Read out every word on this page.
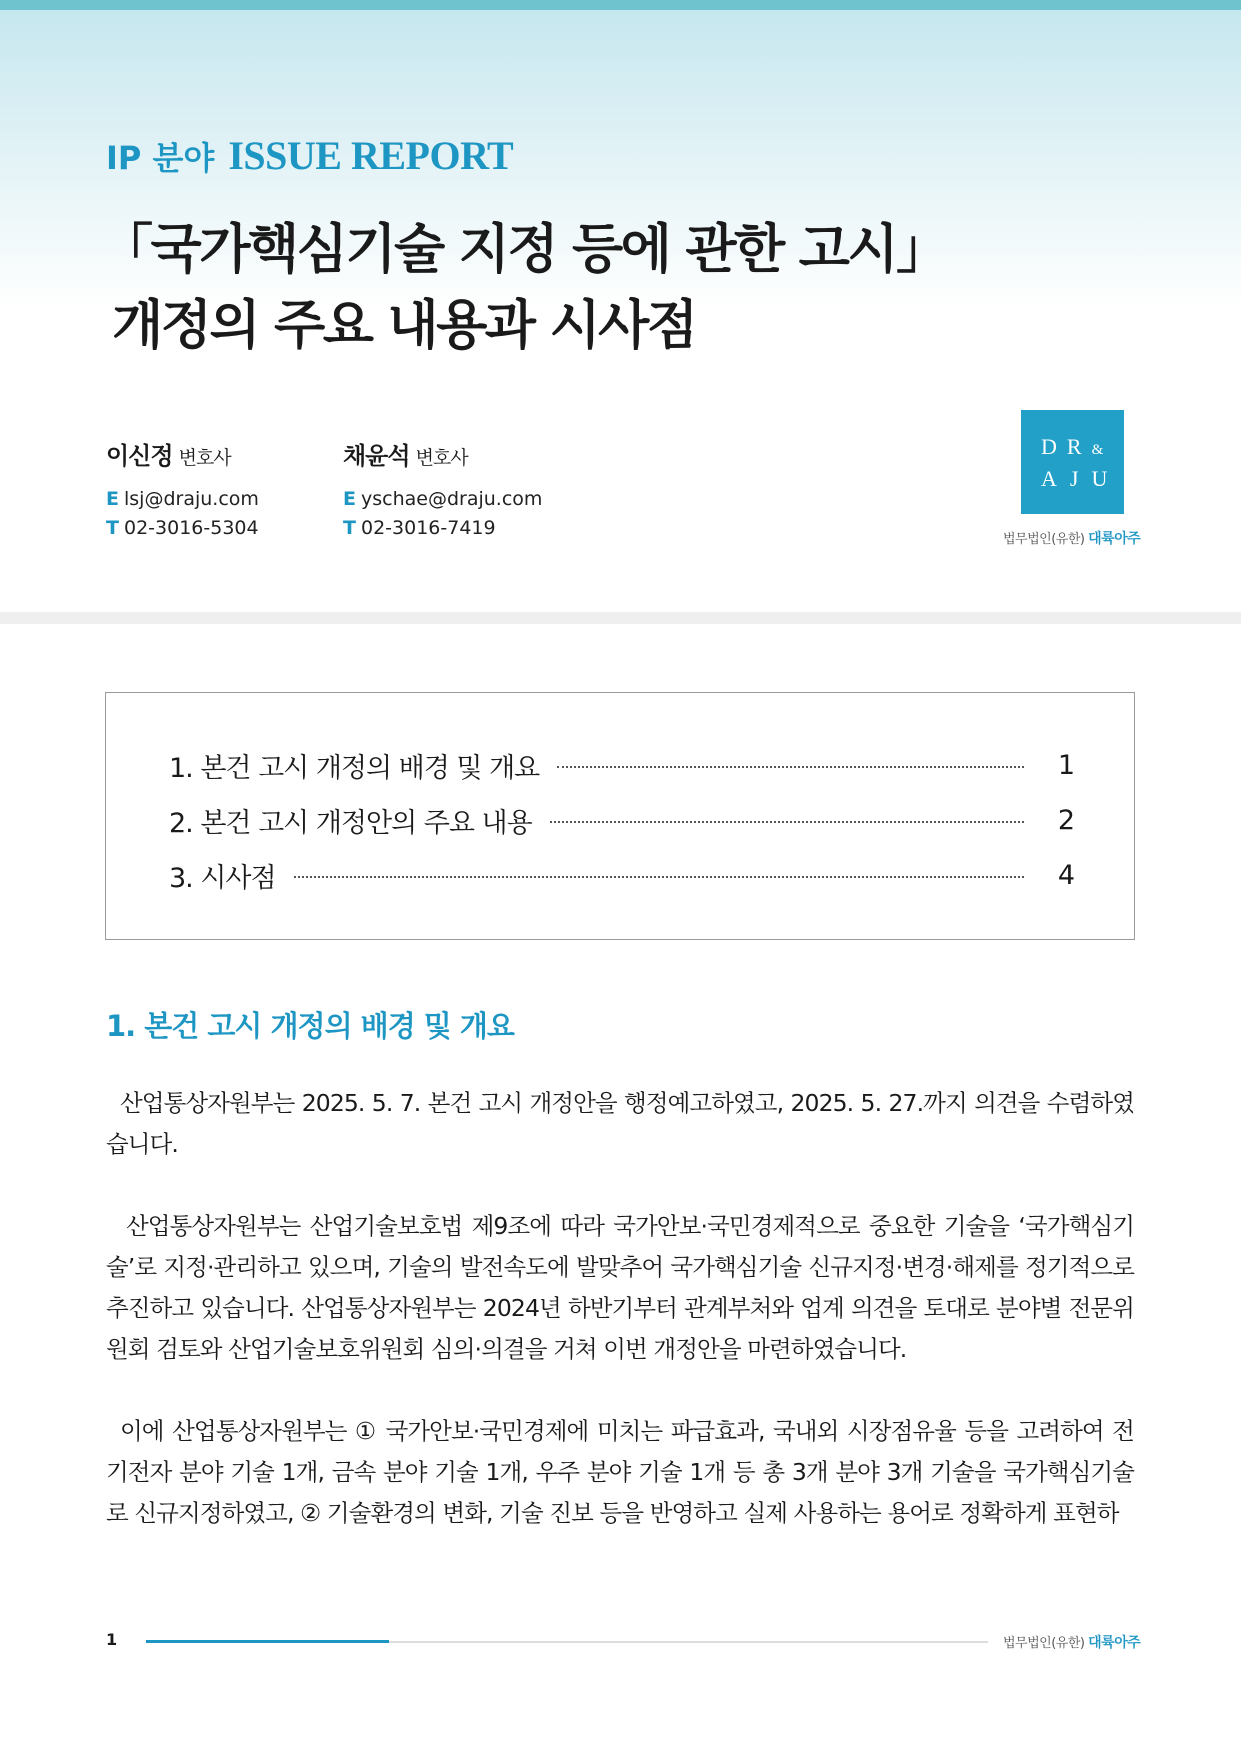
IP 분야 ISSUE REPORT
「국가핵심기술 지정 등에 관한 고시」
개정의 주요 내용과 시사점
이신정 변호사
E lsj@draju.com
T 02-3016-5304
채윤석 변호사
E yschae@draju.com
T 02-3016-7419
DR&
AJU
법무법인(유한) 대륙아주
1. 본건 고시 개정의 배경 및 개요	1
2. 본건 고시 개정안의 주요 내용	2
3. 시사점	4
1. 본건 고시 개정의 배경 및 개요

산업통상자원부는 2025. 5. 7. 본건 고시 개정안을 행정예고하였고, 2025. 5. 27.까지 의견을 수렴하였습니다.

산업통상자원부는 산업기술보호법 제9조에 따라 국가안보·국민경제적으로 중요한 기술을 ‘국가핵심기술’로 지정·관리하고 있으며, 기술의 발전속도에 발맞추어 국가핵심기술 신규지정·변경·해제를 정기적으로 추진하고 있습니다. 산업통상자원부는 2024년 하반기부터 관계부처와 업계 의견을 토대로 분야별 전문위원회 검토와 산업기술보호위원회 심의·의결을 거쳐 이번 개정안을 마련하였습니다.

이에 산업통상자원부는 ① 국가안보·국민경제에 미치는 파급효과, 국내외 시장점유율 등을 고려하여 전기전자 분야 기술 1개, 금속 분야 기술 1개, 우주 분야 기술 1개 등 총 3개 분야 3개 기술을 국가핵심기술로 신규지정하였고, ② 기술환경의 변화, 기술 진보 등을 반영하고 실제 사용하는 용어로 정확하게 표현하

1	법무법인(유한) 대륙아주
